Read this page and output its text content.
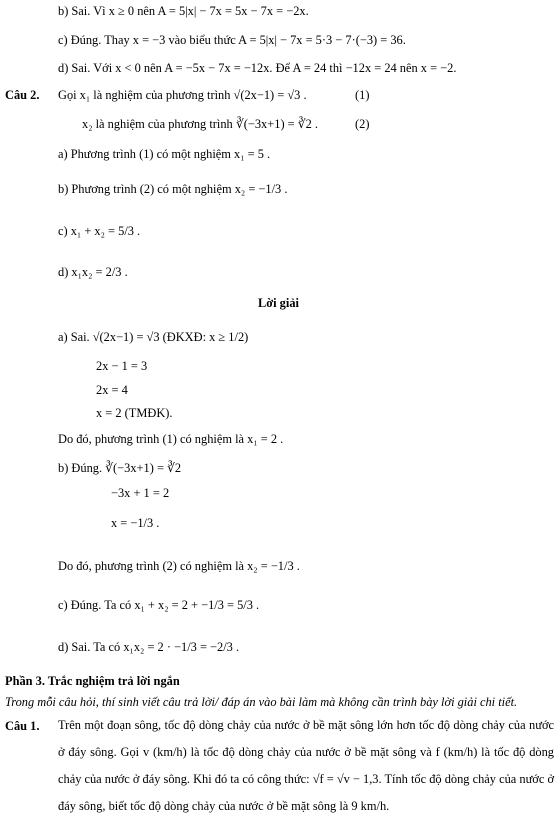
b) Sai. Vì x ≥ 0 nên A = 5|x| − 7x = 5x − 7x = −2x.
c) Đúng. Thay x = −3 vào biểu thức A = 5|x| − 7x = 5·3 − 7·(−3) = 36.
d) Sai. Với x < 0 nên A = −5x − 7x = −12x. Để A = 24 thì −12x = 24 nên x = −2.
Câu 2. Gọi x₁ là nghiệm của phương trình √(2x−1) = √3 .	(1)
x₂ là nghiệm của phương trình ∛(−3x+1) = ∛2 .	(2)
a) Phương trình (1) có một nghiệm x₁ = 5 .
b) Phương trình (2) có một nghiệm x₂ = −1/3 .
c) x₁ + x₂ = 5/3 .
d) x₁x₂ = 2/3 .
Lời giải
a) Sai. √(2x−1) = √3 (ĐKXĐ: x ≥ 1/2)
2x − 1 = 3
2x = 4
x = 2 (TMĐK).
Do đó, phương trình (1) có nghiệm là x₁ = 2 .
b) Đúng. ∛(−3x+1) = ∛2
−3x + 1 = 2
x = −1/3 .
Do đó, phương trình (2) có nghiệm là x₂ = −1/3 .
c) Đúng. Ta có x₁ + x₂ = 2 + −1/3 = 5/3 .
d) Sai. Ta có x₁x₂ = 2 · −1/3 = −2/3 .
Phần 3. Trắc nghiệm trả lời ngắn
Trong mỗi câu hỏi, thí sinh viết câu trả lời/ đáp án vào bài làm mà không cần trình bày lời giải chi tiết.
Câu 1. Trên một đoạn sông, tốc độ dòng chảy của nước ở bề mặt sông lớn hơn tốc độ dòng chảy của nước ở đáy sông. Gọi v (km/h) là tốc độ dòng chảy của nước ở bề mặt sông và f (km/h) là tốc độ dòng chảy của nước ở đáy sông. Khi đó ta có công thức: √f = √v − 1,3. Tính tốc độ dòng chảy của nước ở đáy sông, biết tốc độ dòng chảy của nước ở bề mặt sông là 9 km/h.
